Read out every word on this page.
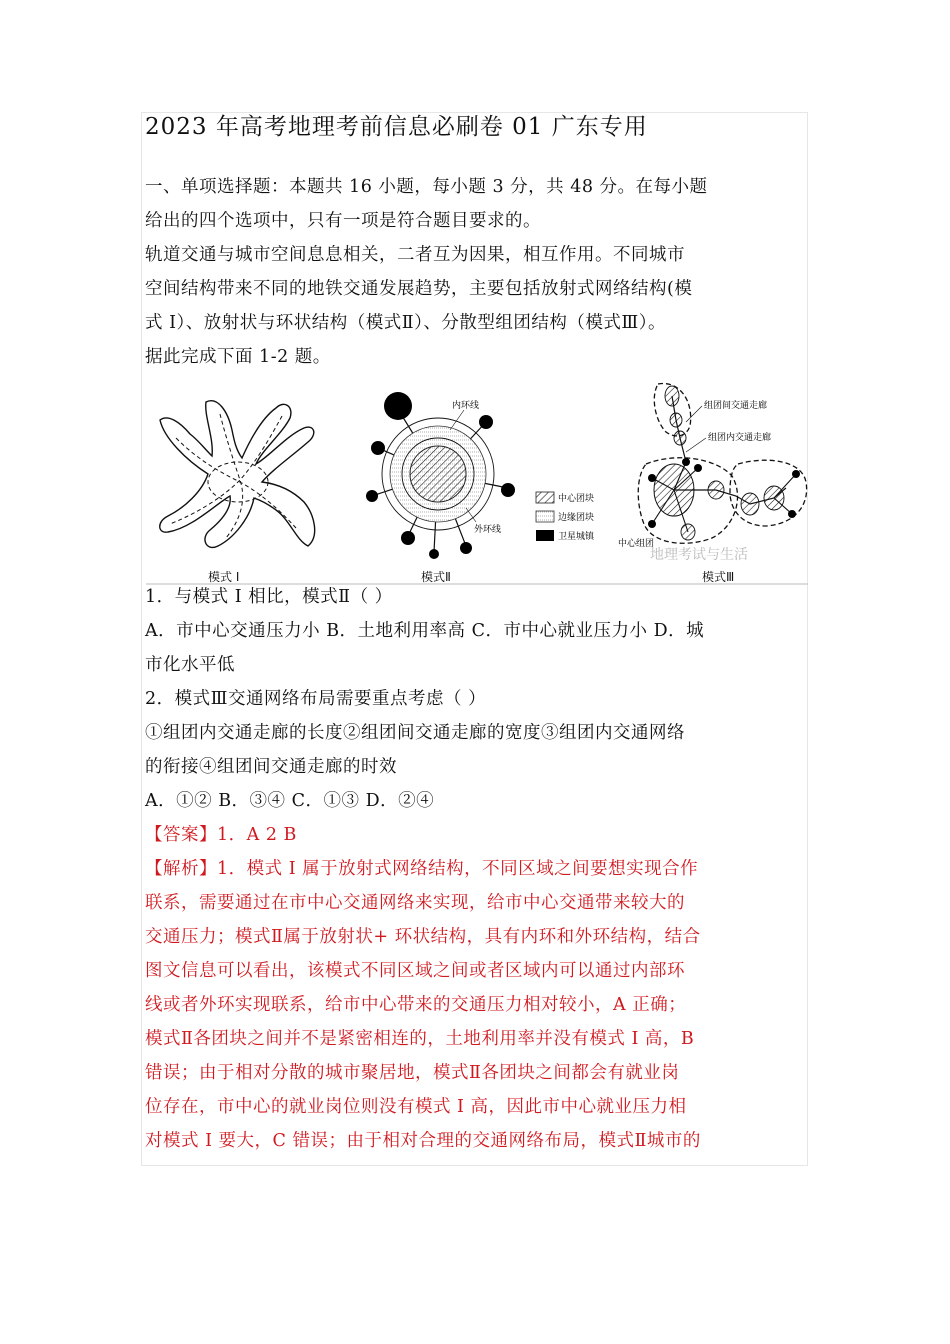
2023 年高考地理考前信息必刷卷 01 广东专用
一、单项选择题：本题共 16 小题，每小题 3 分，共 48 分。在每小题
给出的四个选项中，只有一项是符合题目要求的。
轨道交通与城市空间息息相关，二者互为因果，相互作用。不同城市
空间结构带来不同的地铁交通发展趋势，主要包括放射式网络结构(模
式 I）、放射状与环状结构（模式Ⅱ）、分散型组团结构（模式Ⅲ）。
据此完成下面 1-2 题。
内环线
外环线
中心团块
边缘团块
卫星城镇
组团间交通走廊
组团内交通走廊
中心组团
模式 I	模式Ⅱ	模式Ⅲ
地理考试与生活
1．与模式 I 相比，模式Ⅱ（ ）
A．市中心交通压力小 B．土地利用率高 C．市中心就业压力小 D．城
市化水平低
2．模式Ⅲ交通网络布局需要重点考虑（ ）
①组团内交通走廊的长度②组团间交通走廊的宽度③组团内交通网络
的衔接④组团间交通走廊的时效
A．①② B．③④ C．①③ D．②④
【答案】1．A 2 B
【解析】1．模式 I 属于放射式网络结构，不同区域之间要想实现合作
联系，需要通过在市中心交通网络来实现，给市中心交通带来较大的
交通压力；模式Ⅱ属于放射状+ 环状结构，具有内环和外环结构，结合
图文信息可以看出，该模式不同区域之间或者区域内可以通过内部环
线或者外环实现联系，给市中心带来的交通压力相对较小，A 正确；
模式Ⅱ各团块之间并不是紧密相连的，土地利用率并没有模式 I 高，B
错误；由于相对分散的城市聚居地，模式Ⅱ各团块之间都会有就业岗
位存在，市中心的就业岗位则没有模式 I 高，因此市中心就业压力相
对模式 I 要大，C 错误；由于相对合理的交通网络布局，模式Ⅱ城市的
